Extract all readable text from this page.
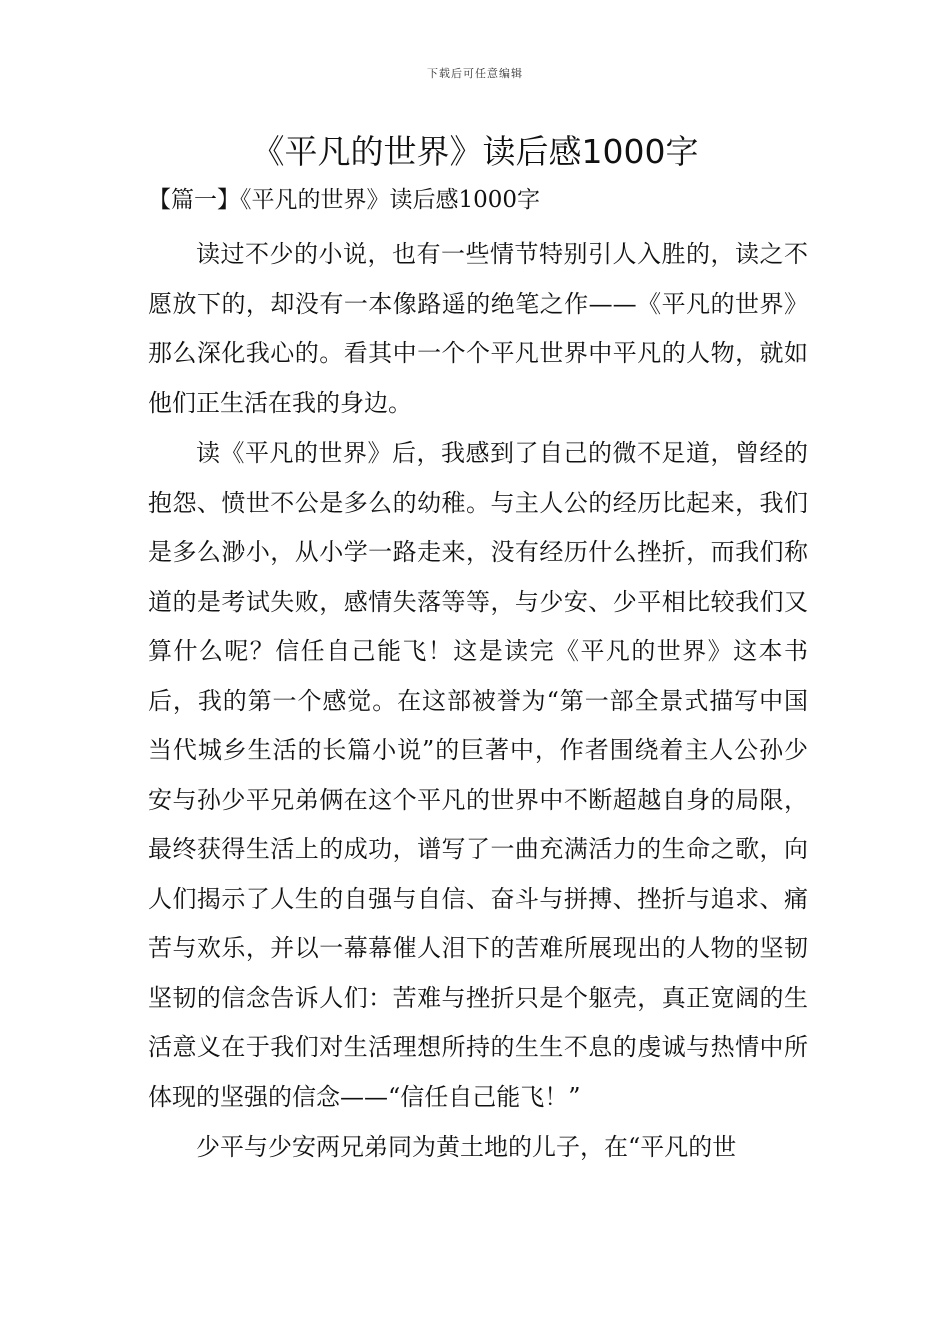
下载后可任意编辑
《平凡的世界》读后感1000字
【篇一】《平凡的世界》读后感1000字

读过不少的小说，也有一些情节特别引人入胜的，读之不愿放下的，却没有一本像路遥的绝笔之作——《平凡的世界》那么深化我心的。看其中一个个平凡世界中平凡的人物，就如他们正生活在我的身边。

读《平凡的世界》后，我感到了自己的微不足道，曾经的抱怨、愤世不公是多么的幼稚。与主人公的经历比起来，我们是多么渺小，从小学一路走来，没有经历什么挫折，而我们称道的是考试失败，感情失落等等，与少安、少平相比较我们又算什么呢？信任自己能飞！这是读完《平凡的世界》这本书后，我的第一个感觉。在这部被誉为“第一部全景式描写中国当代城乡生活的长篇小说”的巨著中，作者围绕着主人公孙少安与孙少平兄弟俩在这个平凡的世界中不断超越自身的局限，最终获得生活上的成功，谱写了一曲充满活力的生命之歌，向人们揭示了人生的自强与自信、奋斗与拼搏、挫折与追求、痛苦与欢乐，并以一幕幕催人泪下的苦难所展现出的人物的坚韧坚韧的信念告诉人们：苦难与挫折只是个躯壳，真正宽阔的生活意义在于我们对生活理想所持的生生不息的虔诚与热情中所体现的坚强的信念——“信任自己能飞！”

少平与少安两兄弟同为黄土地的儿子，在“平凡的世
